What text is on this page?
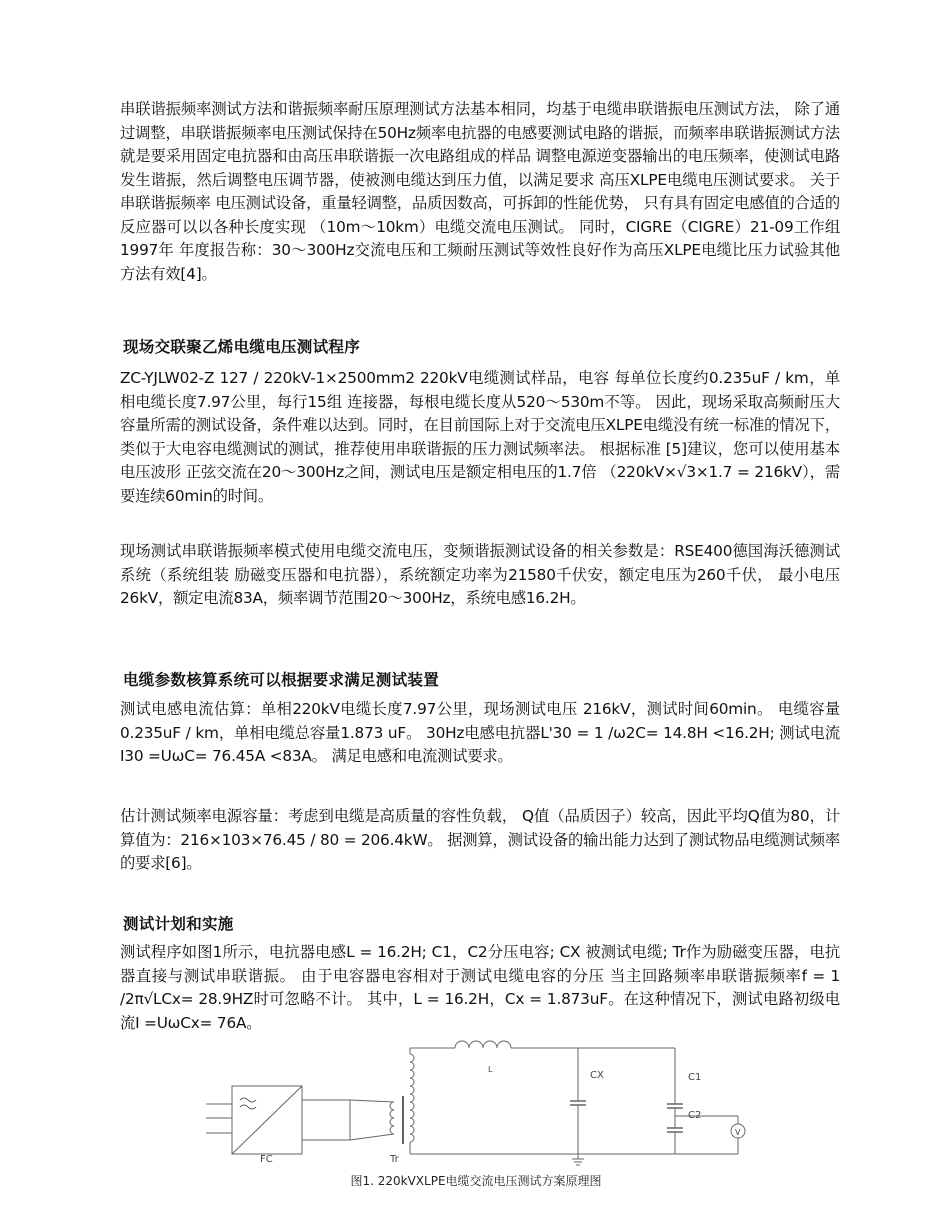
串联谐振频率测试方法和谐振频率耐压原理测试方法基本相同，均基于电缆串联谐振电压测试方法， 除了通过调整，串联谐振频率电压测试保持在50Hz频率电抗器的电感要测试电路的谐振，而频率串联谐振测试方法就是要采用固定电抗器和由高压串联谐振一次电路组成的样品 调整电源逆变器输出的电压频率，使测试电路发生谐振，然后调整电压调节器，使被测电缆达到压力值，以满足要求 高压XLPE电缆电压测试要求。 关于串联谐振频率 电压测试设备，重量轻调整，品质因数高，可拆卸的性能优势， 只有具有固定电感值的合适的反应器可以以各种长度实现 （10m～10km）电缆交流电压测试。 同时，CIGRE（CIGRE）21-09工作组1997年 年度报告称：30～300Hz交流电压和工频耐压测试等效性良好作为高压XLPE电缆比压力试验其他方法有效[4]。

现场交联聚乙烯电缆电压测试程序

ZC-YJLW02-Z 127 / 220kV-1×2500mm2 220kV电缆测试样品，电容 每单位长度约0.235uF / km，单相电缆长度7.97公里，每行15组 连接器，每根电缆长度从520～530m不等。 因此，现场采取高频耐压大容量所需的测试设备，条件难以达到。同时，在目前国际上对于交流电压XLPE电缆没有统一标准的情况下， 类似于大电容电缆测试的测试，推荐使用串联谐振的压力测试频率法。 根据标准 [5]建议，您可以使用基本电压波形 正弦交流在20～300Hz之间，测试电压是额定相电压的1.7倍 （220kV×√3×1.7 = 216kV），需要连续60min的时间。

现场测试串联谐振频率模式使用电缆交流电压，变频谐振测试设备的相关参数是：RSE400德国海沃德测试系统（系统组装 励磁变压器和电抗器），系统额定功率为21580千伏安，额定电压为260千伏， 最小电压26kV，额定电流83A，频率调节范围20～300Hz，系统电感16.2H。

电缆参数核算系统可以根据要求满足测试装置

测试电感电流估算：单相220kV电缆长度7.97公里，现场测试电压 216kV，测试时间60min。 电缆容量0.235uF / km，单相电缆总容量1.873 uF。 30Hz电感电抗器L'30 = 1 /ω2C= 14.8H <16.2H; 测试电流I30 =UωC= 76.45A <83A。 满足电感和电流测试要求。

估计测试频率电源容量：考虑到电缆是高质量的容性负载， Q值（品质因子）较高，因此平均Q值为80，计算值为：216×103×76.45 / 80 = 206.4kW。 据测算，测试设备的输出能力达到了测试物品电缆测试频率的要求[6]。

测试计划和实施

测试程序如图1所示，电抗器电感L = 16.2H; C1，C2分压电容; CX 被测试电缆; Tr作为励磁变压器，电抗器直接与测试串联谐振。 由于电容器电容相对于测试电缆电容的分压 当主回路频率串联谐振频率f = 1 /2π√LCx= 28.9HZ时可忽略不计。 其中，L = 16.2H，Cx = 1.873uF。在这种情况下，测试电路初级电流I =UωCx= 76A。

FC	Tr
L
CX	C1
C2
V

图1. 220kVXLPE电缆交流电压测试方案原理图
